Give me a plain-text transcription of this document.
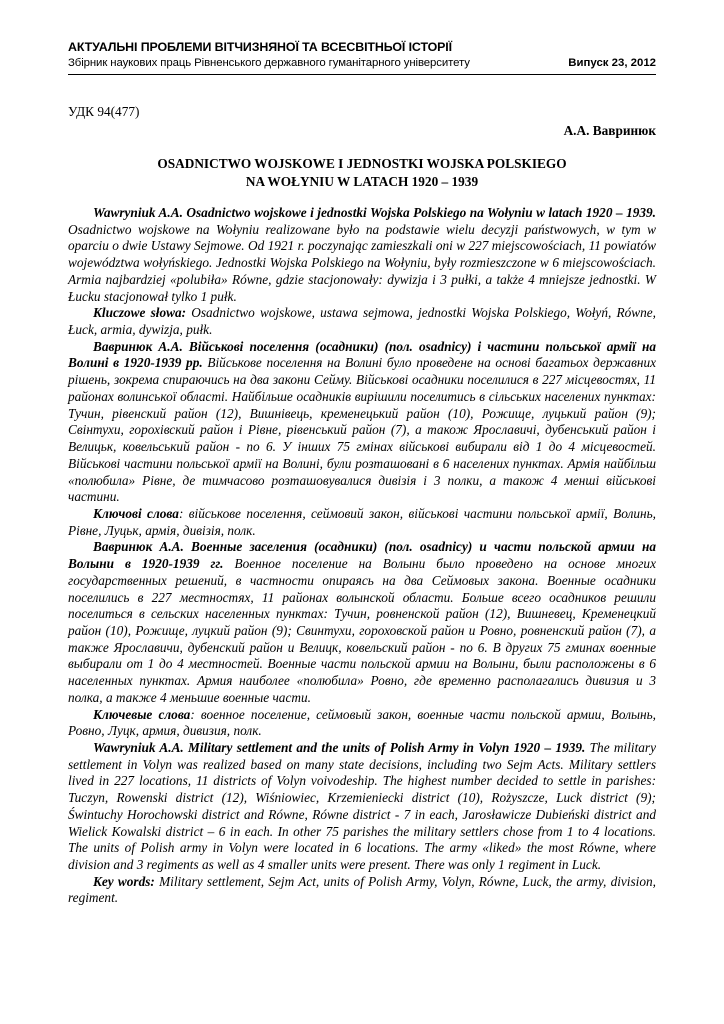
АКТУАЛЬНІ ПРОБЛЕМИ ВІТЧИЗНЯНОЇ ТА ВСЕСВІТНЬОЇ ІСТОРІЇ
Збірник наукових праць Рівненського державного гуманітарного університету	Випуск 23, 2012
УДК 94(477)
А.А. Вавринюк
OSADNICTWO WOJSKOWE I JEDNOSTKI WOJSKA POLSKIEGO
NA WOŁYNIU W LATACH 1920 – 1939

Wawryniuk A.A. Osadnictwo wojskowe i jednostki Wojska Polskiego na Wołyniu w latach 1920 – 1939. Osadnictwo wojskowe na Wołyniu realizowane było na podstawie wielu decyzji państwowych, w tym w oparciu o dwie Ustawy Sejmowe. Od 1921 r. poczynając zamieszkali oni w 227 miejscowościach, 11 powiatów województwa wołyńskiego. Jednostki Wojska Polskiego na Wołyniu, były rozmieszczone w 6 miejscowościach. Armia najbardziej «polubiła» Równe, gdzie stacjonowały: dywizja i 3 pułki, a także 4 mniejsze jednostki. W Łucku stacjonował tylko 1 pułk.

Kluczowe słowa: Osadnictwo wojskowe, ustawa sejmowa, jednostki Wojska Polskiego, Wołyń, Równe, Łuck, armia, dywizja, pułk.

Вавринюк А.А. Військові поселення (осадники) (пол. osadnicy) і частини польської армії на Волині в 1920-1939 рр. Військове поселення на Волині було проведене на основі багатьох державних рішень, зокрема спираючись на два закони Сейму. Військові осадники поселилися в 227 місцевостях, 11 районах волинської області. Найбільше осадників вирішили поселитись в сільських населених пунктах: Тучин, рівенский район (12), Вишнівець, кременецький район (10), Рожище, луцький район (9); Свінтухи, горохівский район і Рівне, рівенський район (7), а також Ярославичі, дубенський район і Велицьк, ковельський район - по 6. У інших 75 гмінах військові вибирали від 1 до 4 місцевостей. Військові частини польської армії на Волині, були розташовані в 6 населених пунктах. Армія найбільш «полюбила» Рівне, де тимчасово розташовувалися дивізія і 3 полки, а також 4 менші військові частини.

Ключові слова: військове поселення, сеймовий закон, військові частини польської армії, Волинь, Рівне, Луцьк, армія, дивізія, полк.

Вавринюк А.А. Военные заселения (осадники) (пол. osadnicy) и части польской армии на Волыни в 1920-1939 гг. Военное поселение на Волыни было проведено на основе многих государственных решений, в частности опираясь на два Сеймовых закона. Военные осадники поселились в 227 местностях, 11 районах волынской области. Больше всего осадников решили поселиться в сельских населенных пунктах: Тучин, ровненской район (12), Вишневец, Кременецкий район (10), Рожище, луцкий район (9); Свинтухи, гороховской район и Ровно, ровненский район (7), а также Ярославичи, дубенский район и Велицк, ковельский район - по 6. В других 75 гминах военные выбирали от 1 до 4 местностей. Военные части польской армии на Волыни, были расположены в 6 населенных пунктах. Армия наиболее «полюбила» Ровно, где временно располагались дивизия и 3 полка, а также 4 меньшие военные части.

Ключевые слова: военное поселение, сеймовый закон, военные части польской армии, Волынь, Ровно, Луцк, армия, дивизия, полк.

Wawryniuk A.A. Military settlement and the units of Polish Army in Volyn 1920 – 1939. The military settlement in Volyn was realized based on many state decisions, including two Sejm Acts. Military settlers lived in 227 locations, 11 districts of Volyn voivodeship. The highest number decided to settle in parishes: Tuczyn, Rowenski district (12), Wiśniowiec, Krzemieniecki district (10), Rożyszcze, Luck district (9); Świntuchy Horochowski district and Równe, Równe district - 7 in each, Jarosławicze Dubieński district and Wielick Kowalski district – 6 in each. In other 75 parishes the military settlers chose from 1 to 4 locations. The units of Polish army in Volyn were located in 6 locations. The army «liked» the most Równe, where division and 3 regiments as well as 4 smaller units were present. There was only 1 regiment in Luck.

Key words: Military settlement, Sejm Act, units of Polish Army, Volyn, Równe, Luck, the army, division, regiment.
